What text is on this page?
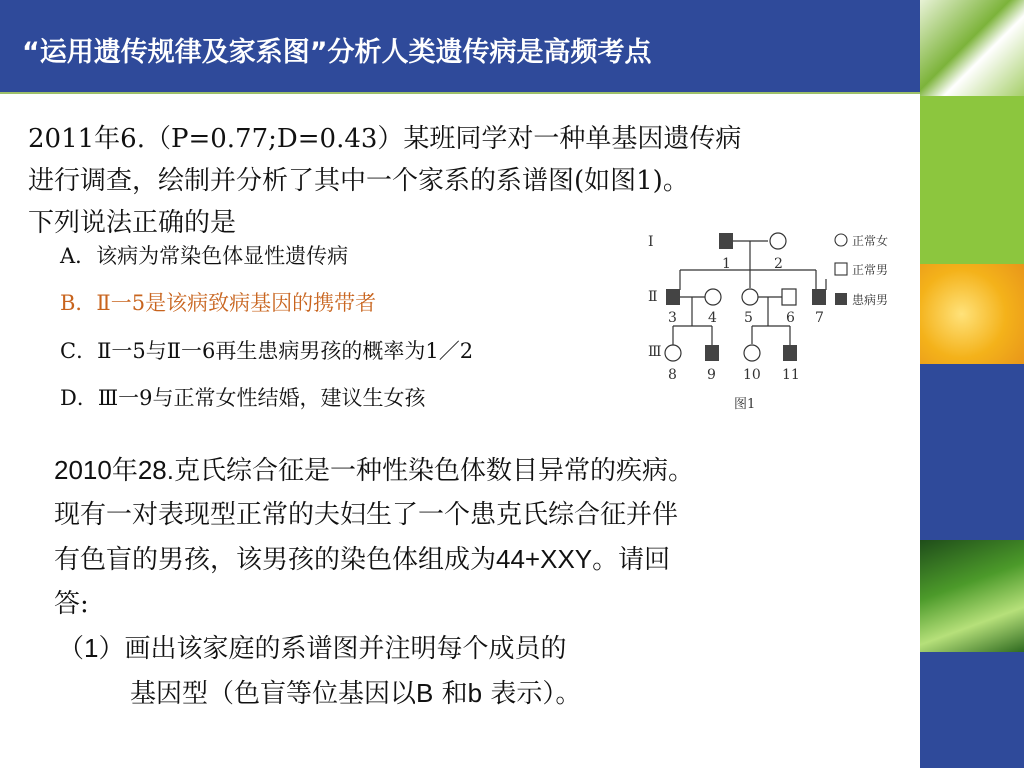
“运用遗传规律及家系图”分析人类遗传病是高频考点
2011年6.（P=0.77;D=0.43）某班同学对一种单基因遗传病
进行调查，绘制并分析了其中一个家系的系谱图(如图1)。
下列说法正确的是
A．该病为常染色体显性遗传病
B．Ⅱ一5是该病致病基因的携带者
C．Ⅱ一5与Ⅱ一6再生患病男孩的概率为1／2
D．Ⅲ一9与正常女性结婚，建议生女孩
Ⅰ
Ⅱ
Ⅲ
1	2
3 4 5 6 7
8 9 10 11
正常女
正常男
患病男
图1

2010年28.克氏综合征是一种性染色体数目异常的疾病。

现有一对表现型正常的夫妇生了一个患克氏综合征并伴

有色盲的男孩，该男孩的染色体组成为44+XXY。请回

答:

（1）画出该家庭的系谱图并注明每个成员的

基因型（色盲等位基因以B 和b 表示）。
